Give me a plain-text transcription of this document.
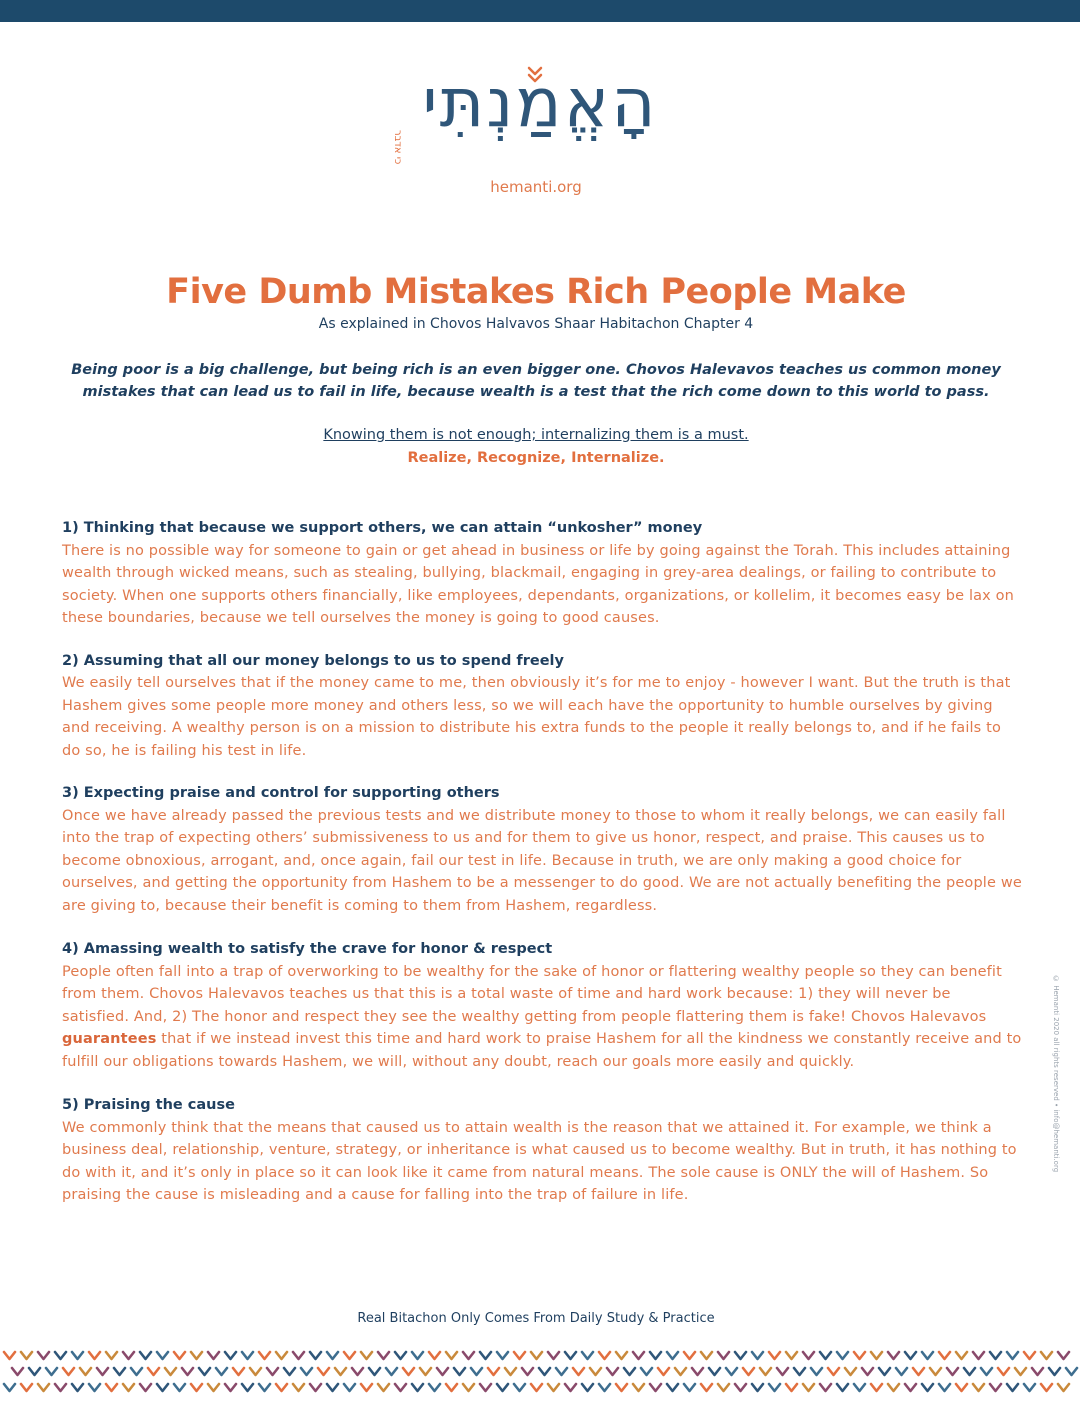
הָאֱמַנְתִּי
כי אדבר
hemanti.org
Five Dumb Mistakes Rich People Make
As explained in Chovos Halvavos Shaar Habitachon Chapter 4
Being poor is a big challenge, but being rich is an even bigger one. Chovos Halevavos teaches us common money mistakes that can lead us to fail in life, because wealth is a test that the rich come down to this world to pass.
Knowing them is not enough; internalizing them is a must.
Realize, Recognize, Internalize.

1) Thinking that because we support others, we can attain “unkosher” money

There is no possible way for someone to gain or get ahead in business or life by going against the Torah. This includes attaining wealth through wicked means, such as stealing, bullying, blackmail, engaging in grey-area dealings, or failing to contribute to society. When one supports others financially, like employees, dependants, organizations, or kollelim, it becomes easy be lax on these boundaries, because we tell ourselves the money is going to good causes.

2) Assuming that all our money belongs to us to spend freely

We easily tell ourselves that if the money came to me, then obviously it’s for me to enjoy - however I want. But the truth is that Hashem gives some people more money and others less, so we will each have the opportunity to humble ourselves by giving and receiving. A wealthy person is on a mission to distribute his extra funds to the people it really belongs to, and if he fails to do so, he is failing his test in life.

3) Expecting praise and control for supporting others

Once we have already passed the previous tests and we distribute money to those to whom it really belongs, we can easily fall into the trap of expecting others’ submissiveness to us and for them to give us honor, respect, and praise. This causes us to become obnoxious, arrogant, and, once again, fail our test in life. Because in truth, we are only making a good choice for ourselves, and getting the opportunity from Hashem to be a messenger to do good. We are not actually benefiting the people we are giving to, because their benefit is coming to them from Hashem, regardless.

4) Amassing wealth to satisfy the crave for honor & respect

People often fall into a trap of overworking to be wealthy for the sake of honor or flattering wealthy people so they can benefit from them. Chovos Halevavos teaches us that this is a total waste of time and hard work because: 1) they will never be satisfied. And, 2) The honor and respect they see the wealthy getting from people flattering them is fake! Chovos Halevavos guarantees that if we instead invest this time and hard work to praise Hashem for all the kindness we constantly receive and to fulfill our obligations towards Hashem, we will, without any doubt, reach our goals more easily and quickly.

5) Praising the cause

We commonly think that the means that caused us to attain wealth is the reason that we attained it. For example, we think a business deal, relationship, venture, strategy, or inheritance is what caused us to become wealthy. But in truth, it has nothing to do with it, and it’s only in place so it can look like it came from natural means. The sole cause is ONLY the will of Hashem. So praising the cause is misleading and a cause for falling into the trap of failure in life.

© Hemanti 2020 all rights reserved • info@hemanti.org
Real Bitachon Only Comes From Daily Study & Practice
